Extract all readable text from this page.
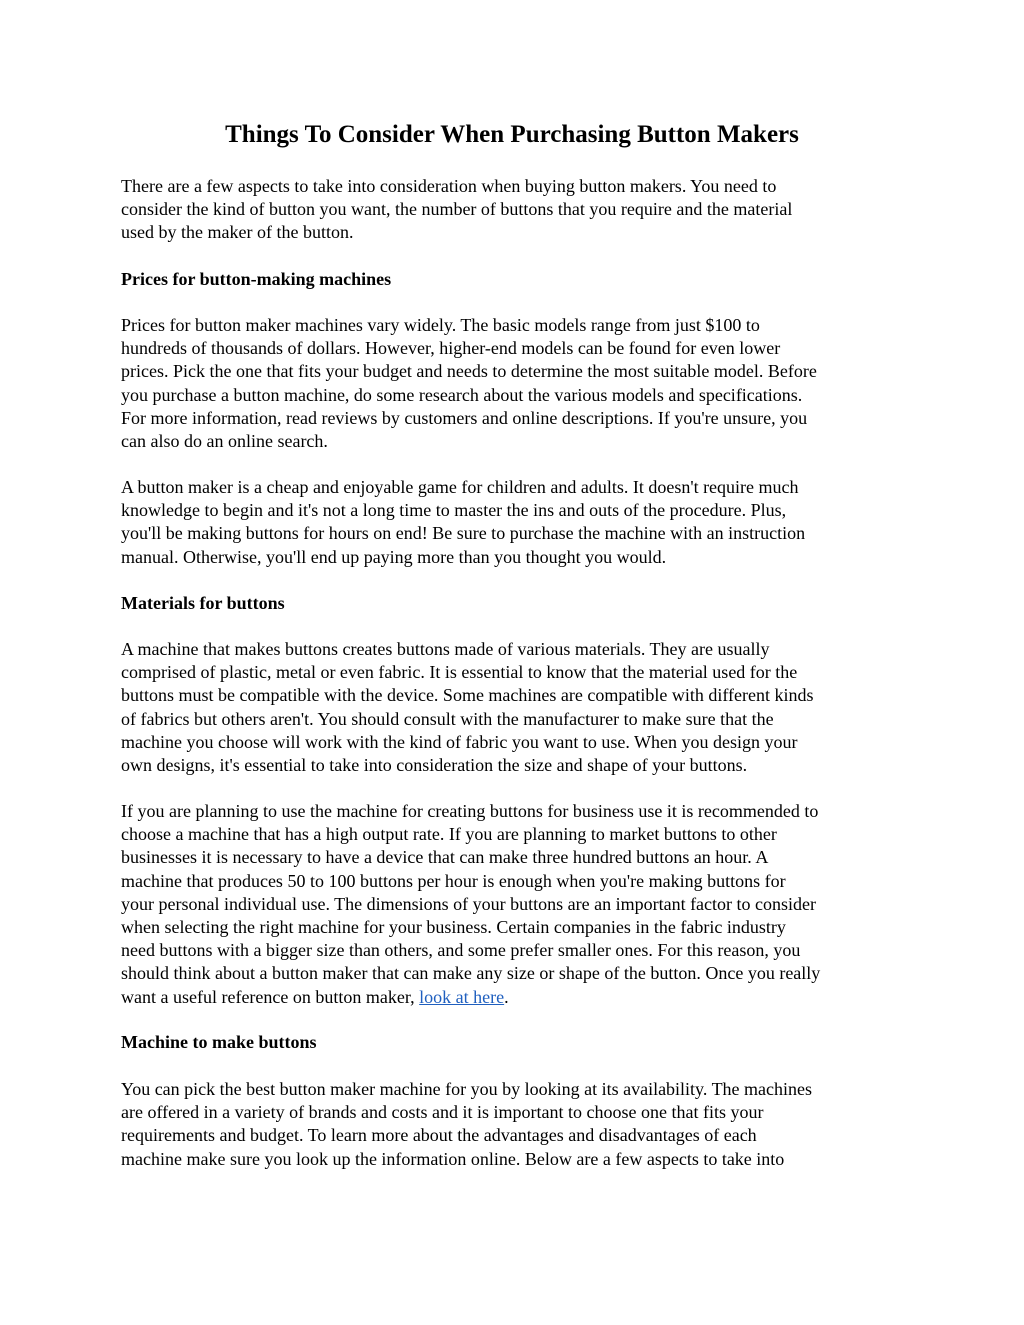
Things To Consider When Purchasing Button Makers
There are a few aspects to take into consideration when buying button makers. You need to
consider the kind of button you want, the number of buttons that you require and the material
used by the maker of the button.
Prices for button-making machines
Prices for button maker machines vary widely. The basic models range from just $100 to
hundreds of thousands of dollars. However, higher-end models can be found for even lower
prices. Pick the one that fits your budget and needs to determine the most suitable model. Before
you purchase a button machine, do some research about the various models and specifications.
For more information, read reviews by customers and online descriptions. If you're unsure, you
can also do an online search.
A button maker is a cheap and enjoyable game for children and adults. It doesn't require much
knowledge to begin and it's not a long time to master the ins and outs of the procedure. Plus,
you'll be making buttons for hours on end! Be sure to purchase the machine with an instruction
manual. Otherwise, you'll end up paying more than you thought you would.
Materials for buttons
A machine that makes buttons creates buttons made of various materials. They are usually
comprised of plastic, metal or even fabric. It is essential to know that the material used for the
buttons must be compatible with the device. Some machines are compatible with different kinds
of fabrics but others aren't. You should consult with the manufacturer to make sure that the
machine you choose will work with the kind of fabric you want to use. When you design your
own designs, it's essential to take into consideration the size and shape of your buttons.
If you are planning to use the machine for creating buttons for business use it is recommended to
choose a machine that has a high output rate. If you are planning to market buttons to other
businesses it is necessary to have a device that can make three hundred buttons an hour. A
machine that produces 50 to 100 buttons per hour is enough when you're making buttons for
your personal individual use. The dimensions of your buttons are an important factor to consider
when selecting the right machine for your business. Certain companies in the fabric industry
need buttons with a bigger size than others, and some prefer smaller ones. For this reason, you
should think about a button maker that can make any size or shape of the button. Once you really
want a useful reference on button maker, look at here.
Machine to make buttons
You can pick the best button maker machine for you by looking at its availability. The machines
are offered in a variety of brands and costs and it is important to choose one that fits your
requirements and budget. To learn more about the advantages and disadvantages of each
machine make sure you look up the information online. Below are a few aspects to take into
